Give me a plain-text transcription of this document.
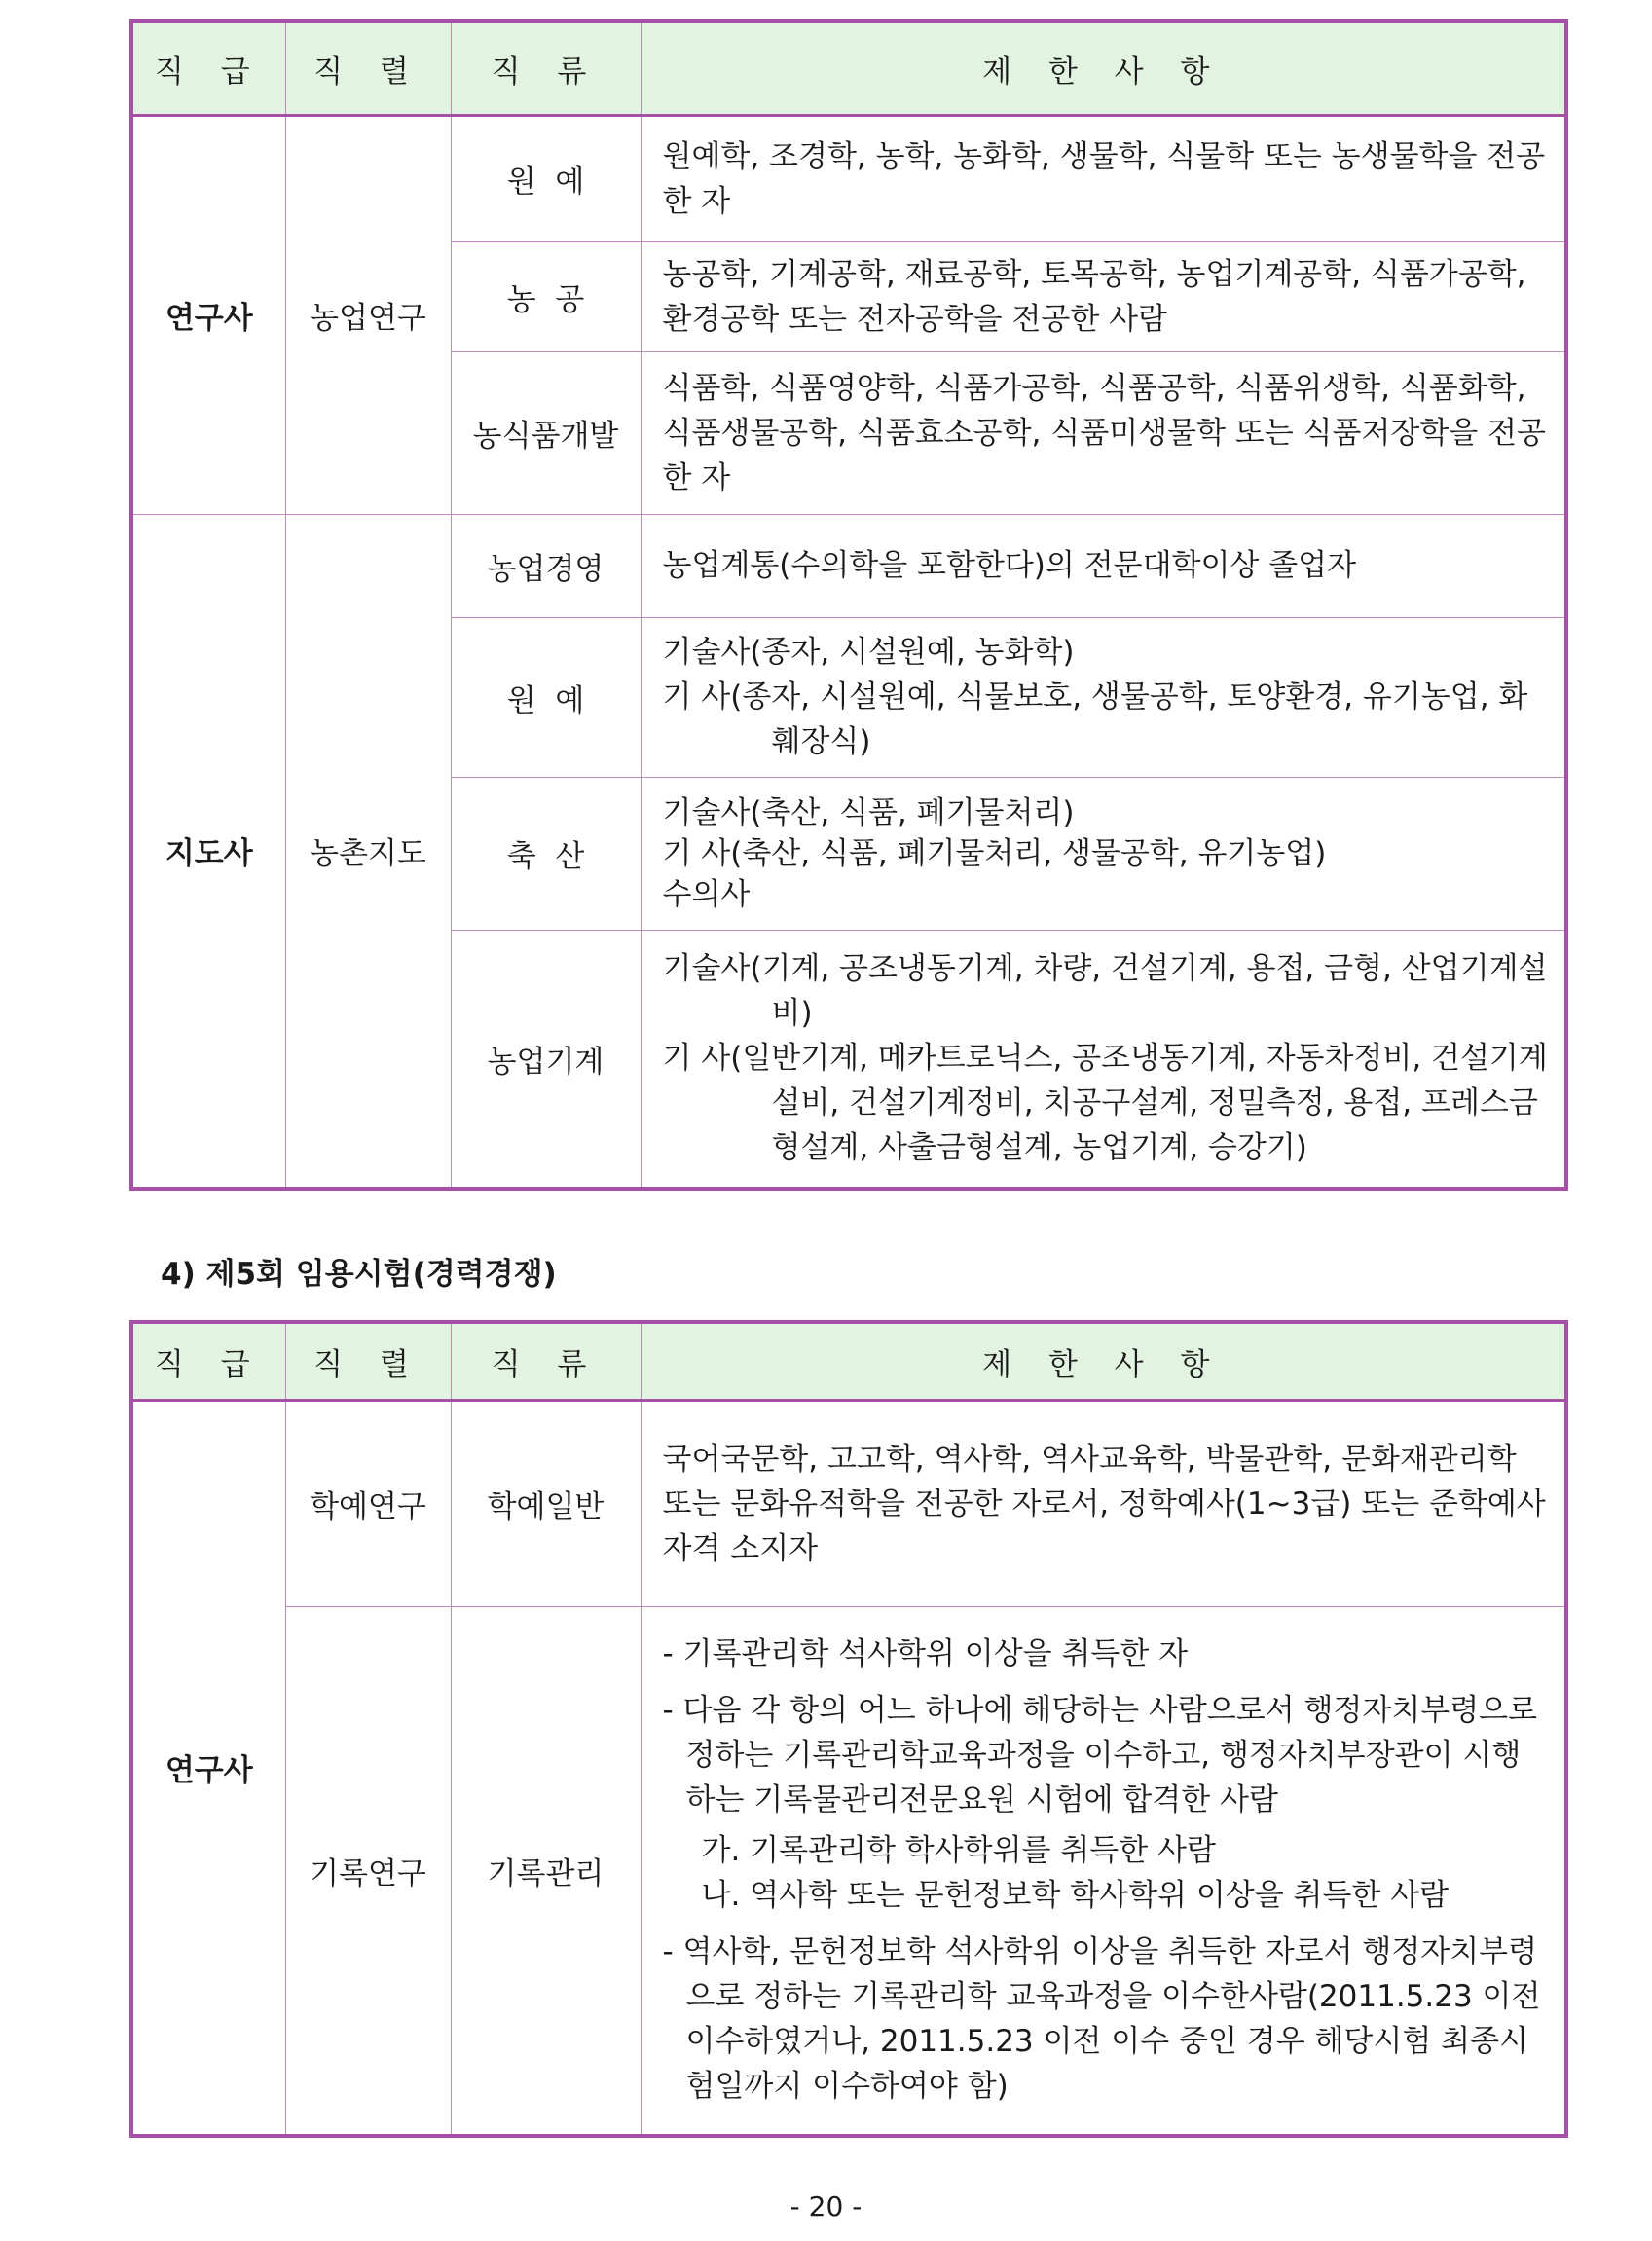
직 급	직 렬	직 류	제 한 사 항
연구사	농업연구	원  예	원예학, 조경학, 농학, 농화학, 생물학, 식물학 또는 농생물학을 전공한 자

		농  공	농공학, 기계공학, 재료공학, 토목공학, 농업기계공학, 식품가공학, 환경공학 또는 전자공학을 전공한 사람

		농식품개발	식품학, 식품영양학, 식품가공학, 식품공학, 식품위생학, 식품화학, 식품생물공학, 식품효소공학, 식품미생물학 또는 식품저장학을 전공한 자

지도사	농촌지도	농업경영	농업계통(수의학을 포함한다)의 전문대학이상 졸업자

		원  예	기술사(종자, 시설원예, 농화학)
기 사(종자, 시설원예, 식물보호, 생물공학, 토양환경, 유기농업, 화훼장식)

		축  산	기술사(축산, 식품, 폐기물처리)
기 사(축산, 식품, 폐기물처리, 생물공학, 유기농업)
수의사

		농업기계	기술사(기계, 공조냉동기계, 차량, 건설기계, 용접, 금형, 산업기계설비)
기 사(일반기계, 메카트로닉스, 공조냉동기계, 자동차정비, 건설기계설비, 건설기계정비, 치공구설계, 정밀측정, 용접, 프레스금형설계, 사출금형설계, 농업기계, 승강기)
4) 제5회 임용시험(경력경쟁)
직 급	직 렬	직 류	제 한 사 항
연구사	학예연구	학예일반	국어국문학, 고고학, 역사학, 역사교육학, 박물관학, 문화재관리학 또는 문화유적학을 전공한 자로서, 정학예사(1~3급) 또는 준학예사 자격 소지자

	기록연구	기록관리	- 기록관리학 석사학위 이상을 취득한 자
- 다음 각 항의 어느 하나에 해당하는 사람으로서 행정자치부령으로 정하는 기록관리학교육과정을 이수하고, 행정자치부장관이 시행하는 기록물관리전문요원 시험에 합격한 사람
가. 기록관리학 학사학위를 취득한 사람
나. 역사학 또는 문헌정보학 학사학위 이상을 취득한 사람
- 역사학, 문헌정보학 석사학위 이상을 취득한 자로서 행정자치부령으로 정하는 기록관리학 교육과정을 이수한사람(2011.5.23 이전 이수하였거나, 2011.5.23 이전 이수 중인 경우 해당시험 최종시험일까지 이수하여야 함)
- 20 -
